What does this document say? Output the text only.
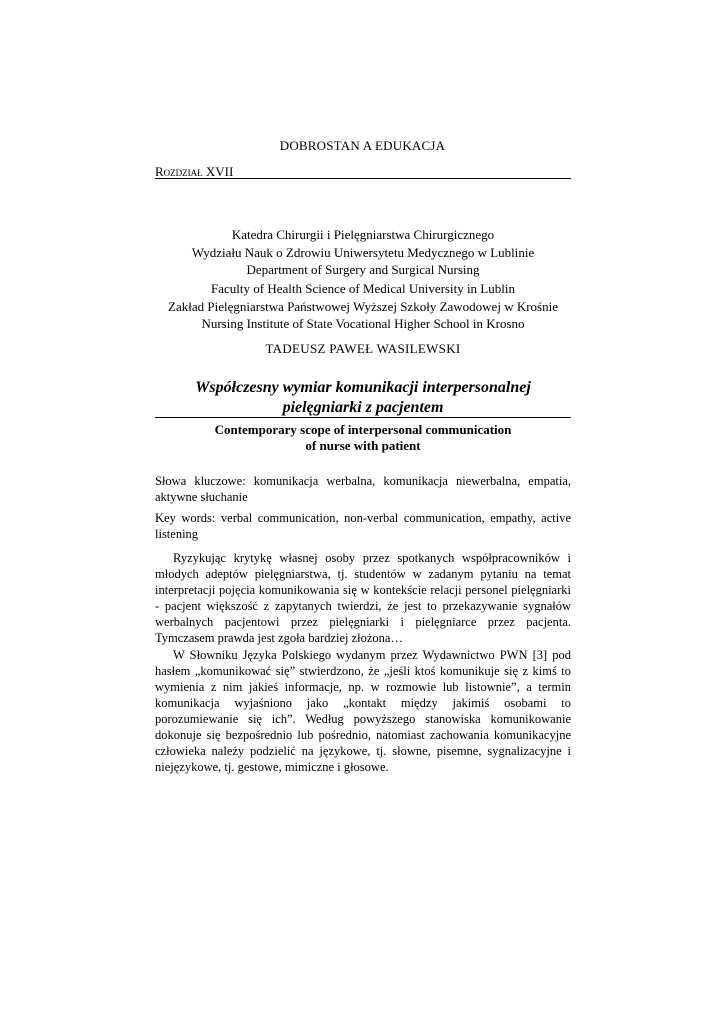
DOBROSTAN A EDUKACJA
Rozdział XVII
Katedra Chirurgii i Pielęgniarstwa Chirurgicznego
Wydziału Nauk o Zdrowiu Uniwersytetu Medycznego w Lublinie
Department of Surgery and Surgical Nursing
Faculty of Health Science of Medical University in Lublin
Zakład Pielęgniarstwa Państwowej Wyższej Szkoły Zawodowej w Krośnie
Nursing Institute of State Vocational Higher School in Krosno
TADEUSZ PAWEŁ WASILEWSKI
Współczesny wymiar komunikacji interpersonalnej
pielęgniarki z pacjentem
Contemporary scope of interpersonal communication
of nurse with patient
Słowa kluczowe: komunikacja werbalna, komunikacja niewerbalna, empatia, aktywne słuchanie
Key words: verbal communication, non-verbal communication, empathy, active listening

Ryzykując krytykę własnej osoby przez spotkanych współpracowników i młodych adeptów pielęgniarstwa, tj. studentów w zadanym pytaniu na temat interpretacji pojęcia komunikowania się w kontekście relacji personel pielęgniarki - pacjent większość z zapytanych twierdzi, że jest to przekazywanie sygnałów werbalnych pacjentowi przez pielęgniarki i pielęgniarce przez pacjenta. Tymczasem prawda jest zgoła bardziej złożona…

W Słowniku Języka Polskiego wydanym przez Wydawnictwo PWN [3] pod hasłem „komunikować się” stwierdzono, że „jeśli ktoś komunikuje się z kimś to wymienia z nim jakieś informacje, np. w rozmowie lub listownie”, a termin komunikacja wyjaśniono jako „kontakt między jakimiś osobami to porozumiewanie się ich”. Według powyższego stanowiska komunikowanie dokonuje się bezpośrednio lub pośrednio, natomiast zachowania komunikacyjne człowieka należy podzielić na językowe, tj. słowne, pisemne, sygnalizacyjne i niejęzykowe, tj. gestowe, mimiczne i głosowe.
